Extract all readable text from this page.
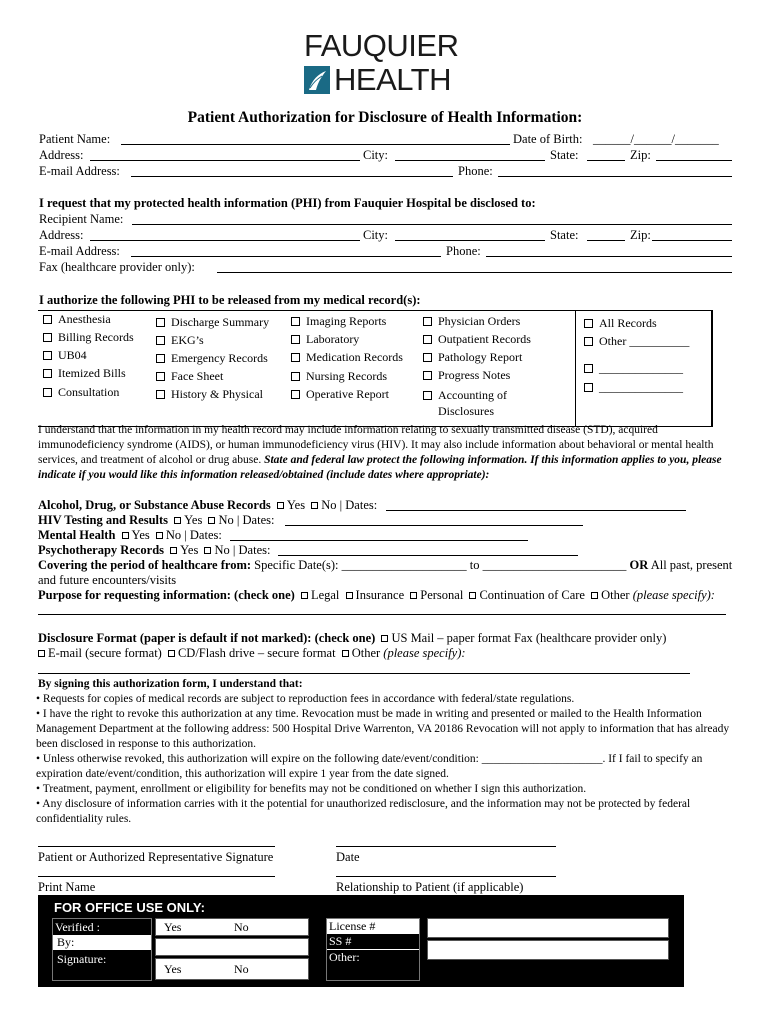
FAUQUIER
HEALTH
Patient Authorization for Disclosure of Health Information:
Patient Name:	Date of Birth: ______/______/_______
Address:	City:	State:	Zip:
E-mail Address:	Phone:
I request that my protected health information (PHI) from Fauquier Hospital be disclosed to:
Recipient Name:
Address:	City:	State:	Zip:
E-mail Address:	Phone:
Fax (healthcare provider only):
I authorize the following PHI to be released from my medical record(s):
Anesthesia
Billing Records
UB04
Itemized Bills
Consultation
Discharge Summary
EKG’s
Emergency Records
Face Sheet
History & Physical
Imaging Reports
Laboratory
Medication Records
Nursing Records
Operative Report
Physician Orders
Outpatient Records
Pathology Report
Progress Notes
Accounting of
Disclosures
All Records
Other __________
______________
______________
I understand that the information in my health record may include information relating to sexually transmitted disease (STD), acquired immunodeficiency syndrome (AIDS), or human immunodeficiency virus (HIV). It may also include information about behavioral or mental health services, and treatment of alcohol or drug abuse. State and federal law protect the following information. If this information applies to you, please indicate if you would like this information released/obtained (include dates where appropriate):
Alcohol, Drug, or Substance Abuse Records Yes No | Dates:
HIV Testing and Results Yes No | Dates:
Mental Health Yes No | Dates:
Psychotherapy Records Yes No | Dates:
Covering the period of healthcare from: Specific Date(s): ____________________ to _______________________ OR All past, present
and future encounters/visits
Purpose for requesting information: (check one) Legal Insurance Personal Continuation of Care Other (please specify):
Disclosure Format (paper is default if not marked): (check one) US Mail – paper format Fax (healthcare provider only)
E-mail (secure format) CD/Flash drive – secure format Other (please specify):
By signing this authorization form, I understand that:
• Requests for copies of medical records are subject to reproduction fees in accordance with federal/state regulations.
• I have the right to revoke this authorization at any time. Revocation must be made in writing and presented or mailed to the Health Information Management Department at the following address: 500 Hospital Drive Warrenton, VA 20186 Revocation will not apply to information that has already been disclosed in response to this authorization.
• Unless otherwise revoked, this authorization will expire on the following date/event/condition: _____________________. If I fail to specify an expiration date/event/condition, this authorization will expire 1 year from the date signed.
• Treatment, payment, enrollment or eligibility for benefits may not be conditioned on whether I sign this authorization.
• Any disclosure of information carries with it the potential for unauthorized redisclosure, and the information may not be protected by federal confidentiality rules.
Patient or Authorized Representative Signature	Date
Print Name	Relationship to Patient (if applicable)
FOR OFFICE USE ONLY:
Verified :
By:
Signature:
Yes	No
Yes	No
License #
SS #
Other:
